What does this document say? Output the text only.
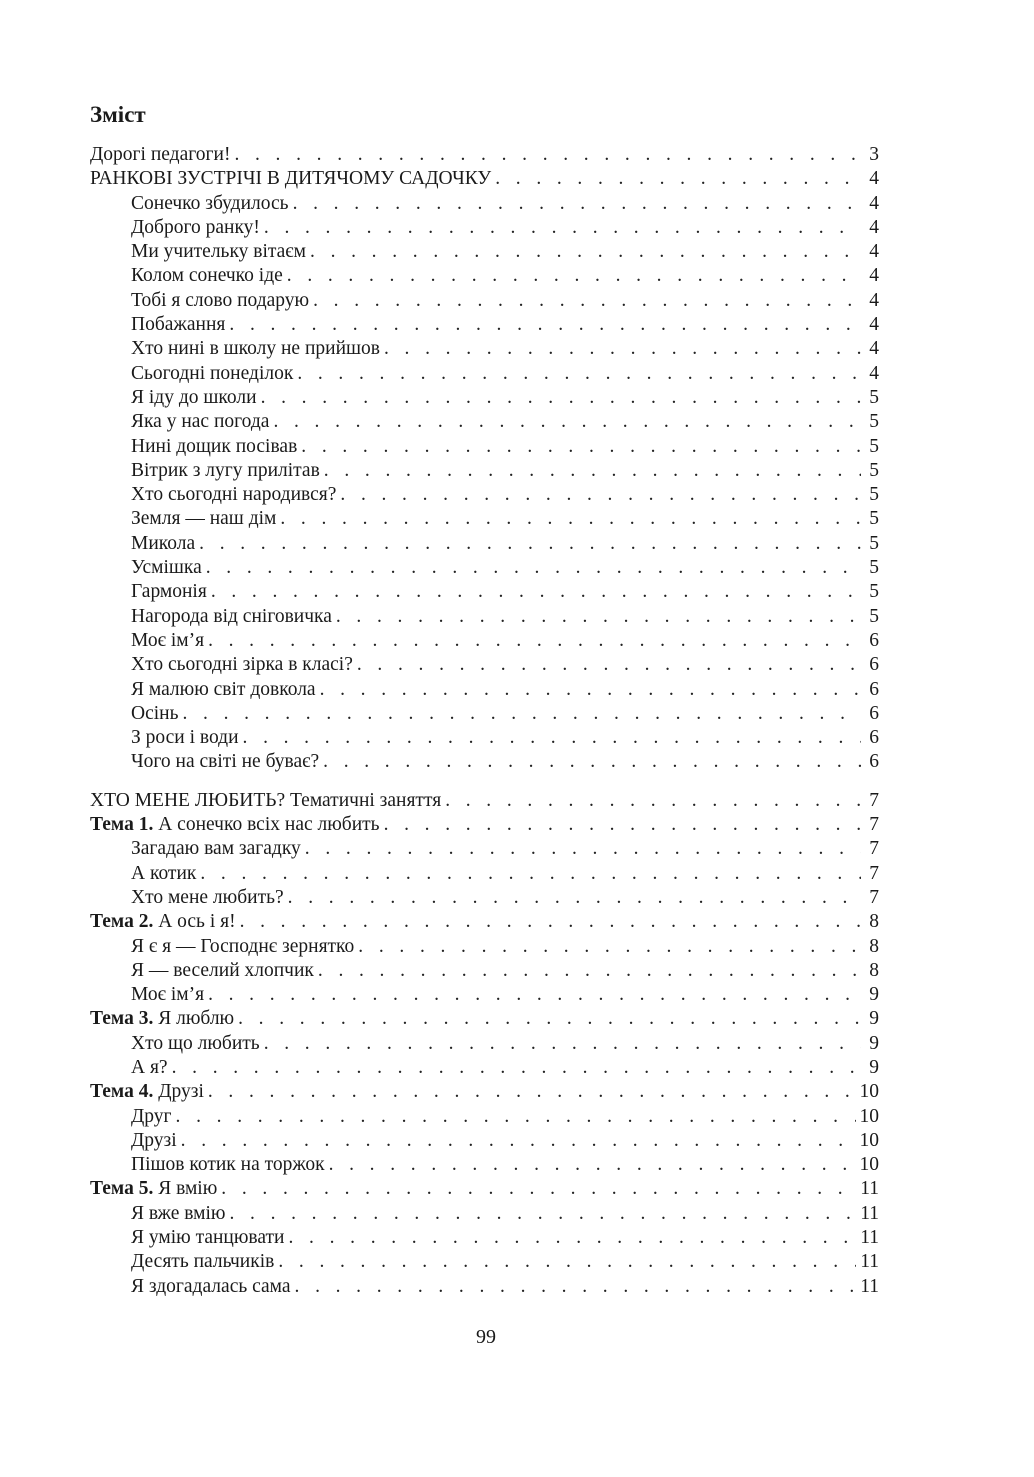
Зміст
Дорогі педагоги! . . .	3
РАНКОВІ ЗУСТРІЧІ В ДИТЯЧОМУ САДОЧКУ . . .	4
Сонечко збудилось . . .	4
Доброго ранку! . . .	4
Ми учительку вітаєм . . .	4
Колом сонечко іде . . .	4
Тобі я слово подарую . . .	4
Побажання . . .	4
Хто нині в школу не прийшов . . .	4
Сьогодні понеділок . . .	4
Я іду до школи . . .	5
Яка у нас погода . . .	5
Нині дощик посівав . . .	5
Вітрик з лугу прилітав . . .	5
Хто сьогодні народився? . . .	5
Земля — наш дім . . .	5
Микола . . .	5
Усмішка . . .	5
Гармонія . . .	5
Нагорода від сніговичка . . .	5
Моє ім’я . . .	6
Хто сьогодні зірка в класі? . . .	6
Я малюю світ довкола . . .	6
Осінь . . .	6
З роси і води . . .	6
Чого на світі не буває? . . .	6
ХТО МЕНЕ ЛЮБИТЬ? Тематичні заняття . . .	7
Тема 1. А сонечко всіх нас любить . . .	7
Загадаю вам загадку . . .	7
А котик . . .	7
Хто мене любить? . . .	7
Тема 2. А ось і я! . . .	8
Я є я — Господнє зернятко . . .	8
Я — веселий хлопчик . . .	8
Моє ім’я . . .	9
Тема 3. Я люблю . . .	9
Хто що любить . . .	9
А я? . . .	9
Тема 4. Друзі . . .	10
Друг . . .	10
Друзі . . .	10
Пішов котик на торжок . . .	10
Тема 5. Я вмію . . .	11
Я вже вмію . . .	11
Я умію танцювати . . .	11
Десять пальчиків . . .	11
Я здогадалась сама . . .	11
99
